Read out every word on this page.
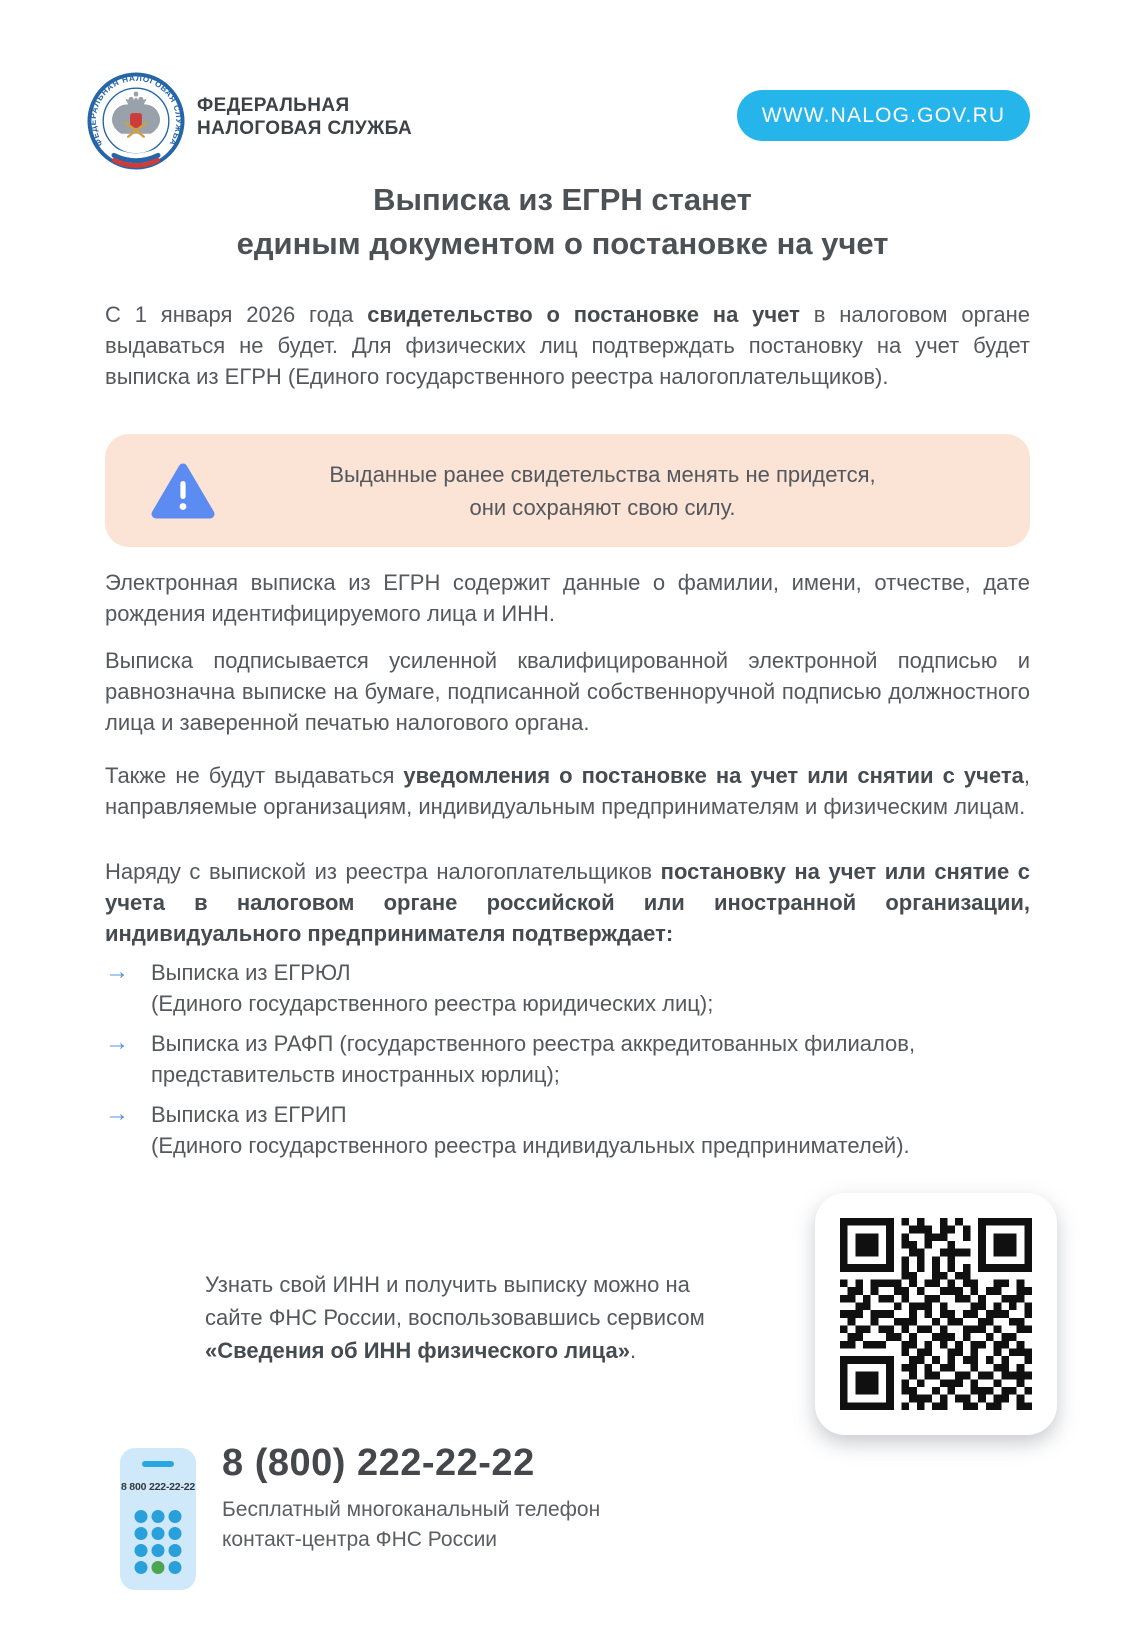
ФЕДЕРАЛЬНАЯ НАЛОГОВАЯ СЛУЖБА
ФЕДЕРАЛЬНАЯ
НАЛОГОВАЯ СЛУЖБА
WWW.NALOG.GOV.RU
Выписка из ЕГРН станет
единым документом о постановке на учет

С 1 января 2026 года свидетельство о постановке на учет в налоговом органе выдаваться не будет. Для физических лиц подтверждать постановку на учет будет выписка из ЕГРН (Единого государственного реестра налогоплательщиков).

Выданные ранее свидетельства менять не придется,
они сохраняют свою силу.

Электронная выписка из ЕГРН содержит данные о фамилии, имени, отчестве, дате рождения идентифицируемого лица и ИНН.

Выписка подписывается усиленной квалифицированной электронной подписью и равнозначна выписке на бумаге, подписанной собственноручной подписью должностного лица и заверенной печатью налогового органа.

Также не будут выдаваться уведомления о постановке на учет или снятии с учета, направляемые организациям, индивидуальным предпринимателям и физическим лицам.

Наряду с выпиской из реестра налогоплательщиков постановку на учет или снятие с учета в налоговом органе российской или иностранной организации, индивидуального предпринимателя подтверждает:

→ Выписка из ЕГРЮЛ
(Единого государственного реестра юридических лиц);
→ Выписка из РАФП (государственного реестра аккредитованных филиалов,
представительств иностранных юрлиц);
→ Выписка из ЕГРИП
(Единого государственного реестра индивидуальных предпринимателей).
Узнать свой ИНН и получить выписку можно на
сайте ФНС России, воспользовавшись сервисом
«Сведения об ИНН физического лица».
8 800 222-22-22
8 (800) 222-22-22
Бесплатный многоканальный телефон
контакт-центра ФНС России
